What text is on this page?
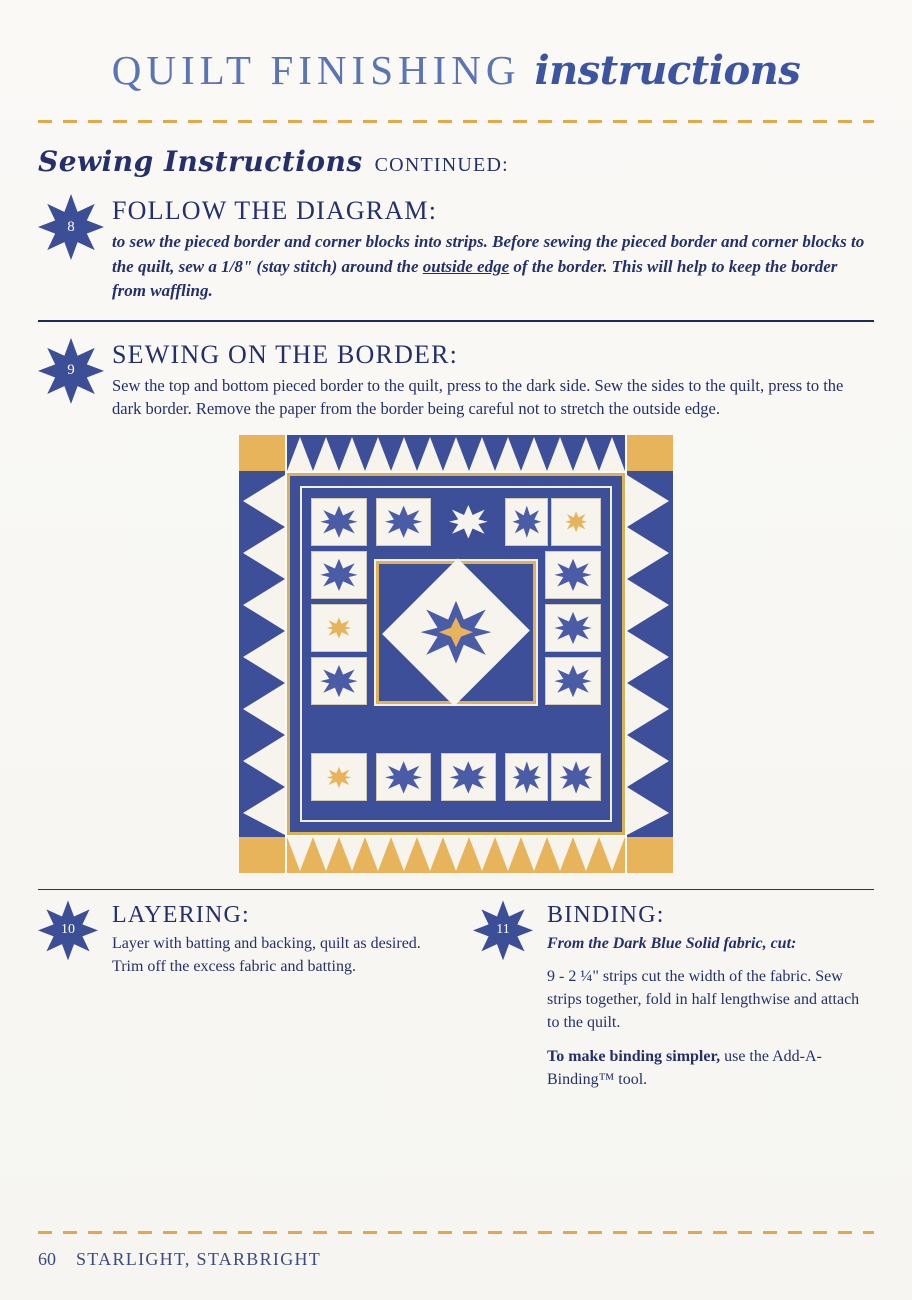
QUILT FINISHING instructions
Sewing Instructions CONTINUED:
8
FOLLOW THE DIAGRAM:
to sew the pieced border and corner blocks into strips. Before sewing the pieced border and corner blocks to the quilt, sew a 1/8" (stay stitch) around the outside edge of the border. This will help to keep the border from waffling.
9
SEWING ON THE BORDER:
Sew the top and bottom pieced border to the quilt, press to the dark side. Sew the sides to the quilt, press to the dark border. Remove the paper from the border being careful not to stretch the outside edge.
10
LAYERING:
Layer with batting and backing, quilt as desired. Trim off the excess fabric and batting.
11
BINDING:
From the Dark Blue Solid fabric, cut:
9 - 2 ¼" strips cut the width of the fabric. Sew strips together, fold in half lengthwise and attach to the quilt.
To make binding simpler, use the Add-A-Binding™ tool.
60 STARLIGHT, STARBRIGHT
